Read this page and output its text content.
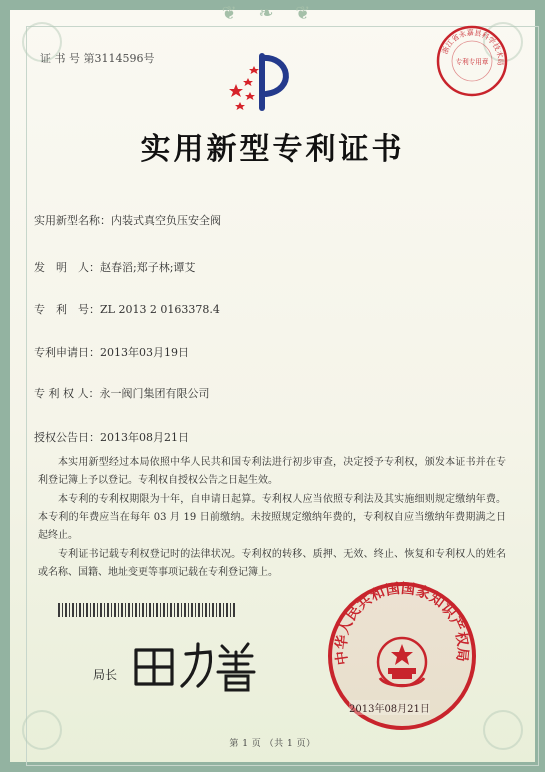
❦ ❧ ❦
证 书 号 第3114596号
浙江省永嘉县科学技术局
专利专用章
实用新型专利证书
实用新型名称：内装式真空负压安全阀
发　明　人：赵春滔;郑子林;谭艾
专　利　号：ZL 2013 2 0163378.4
专利申请日：2013年03月19日
专 利 权 人：永一阀门集团有限公司
授权公告日：2013年08月21日

本实用新型经过本局依照中华人民共和国专利法进行初步审查，决定授予专利权，颁发本证书并在专利登记簿上予以登记。专利权自授权公告之日起生效。

本专利的专利权期限为十年，自申请日起算。专利权人应当依照专利法及其实施细则规定缴纳年费。本专利的年费应当在每年 03 月 19 日前缴纳。未按照规定缴纳年费的，专利权自应当缴纳年费期满之日起终止。

专利证书记载专利权登记时的法律状况。专利权的转移、质押、无效、终止、恢复和专利权人的姓名或名称、国籍、地址变更等事项记载在专利登记簿上。

局长
中华人民共和国国家知识产权局
2013年08月21日
第 1 页 （共 1 页）
